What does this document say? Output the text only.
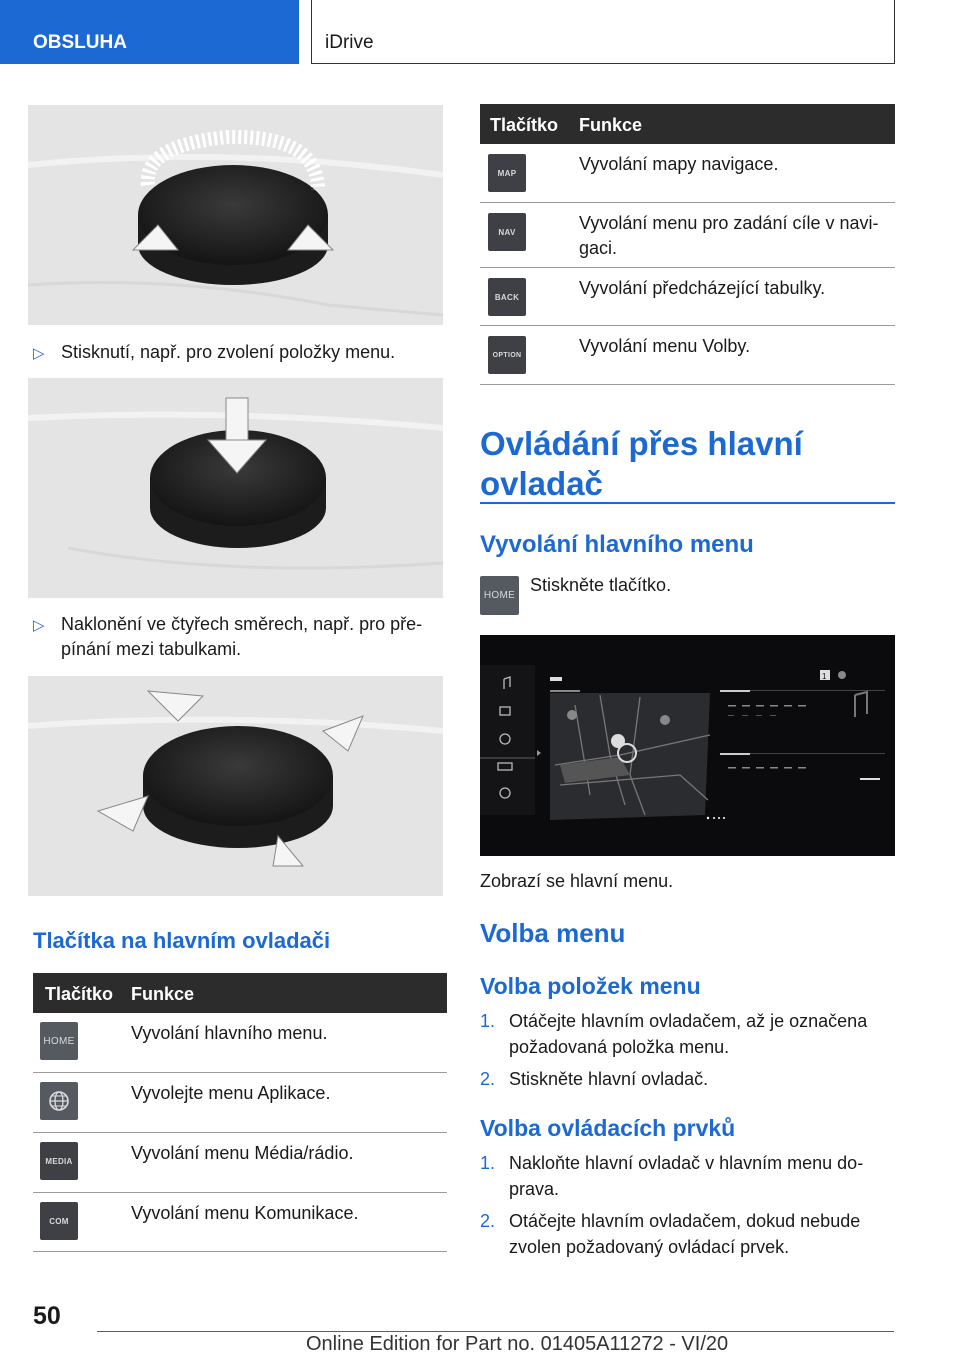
OBSLUHA	iDrive
▷ Stisknutí, např. pro zvolení položky menu.
▷ Naklonění ve čtyřech směrech, např. pro přepínání mezi tabulkami.
Tlačítka na hlavním ovladači
Tlačítko Funkce
HOME	Vyvolání hlavního menu.
Vyvolejte menu Aplikace.
MEDIA	Vyvolání menu Média/rádio.
COM	Vyvolání menu Komunikace.
Tlačítko Funkce
MAP	Vyvolání mapy navigace.
NAV	Vyvolání menu pro zadání cíle v navigaci.
BACK	Vyvolání předcházející tabulky.
OPTION	Vyvolání menu Volby.
Ovládání přes hlavní ovladač
Vyvolání hlavního menu
HOME
Stiskněte tlačítko.
1
Zobrazí se hlavní menu.
Volba menu
Volba položek menu
1. Otáčejte hlavním ovladačem, až je označena požadovaná položka menu.
2. Stiskněte hlavní ovladač.
Volba ovládacích prvků
1. Nakloňte hlavní ovladač v hlavním menu doprava.
2. Otáčejte hlavním ovladačem, dokud nebude zvolen požadovaný ovládací prvek.
50
Online Edition for Part no. 01405A11272 - VI/20
